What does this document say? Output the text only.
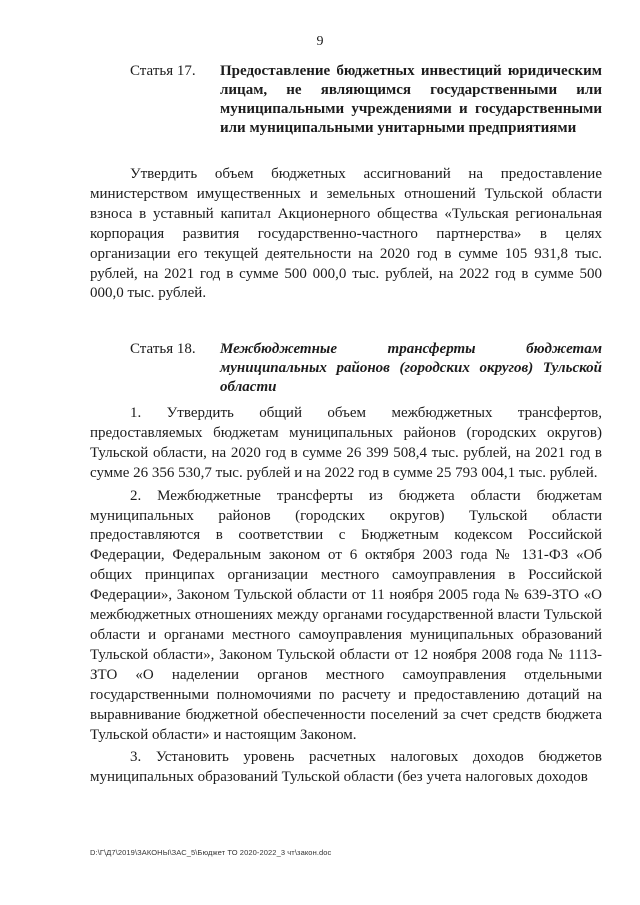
9
Статья 17. Предоставление бюджетных инвестиций юридическим лицам, не являющимся государственными или муниципальными учреждениями и государственными или муниципальными унитарными предприятиями

Утвердить объем бюджетных ассигнований на предоставление министерством имущественных и земельных отношений Тульской области взноса в уставный капитал Акционерного общества «Тульская региональная корпорация развития государственно-частного партнерства» в целях организации его текущей деятельности на 2020 год в сумме 105 931,8 тыс. рублей, на 2021 год в сумме 500 000,0 тыс. рублей, на 2022 год в сумме 500 000,0 тыс. рублей.

Статья 18. Межбюджетные трансферты бюджетам муниципальных районов (городских округов) Тульской области

1. Утвердить общий объем межбюджетных трансфертов, предоставляемых бюджетам муниципальных районов (городских округов) Тульской области, на 2020 год в сумме 26 399 508,4 тыс. рублей, на 2021 год в сумме 26 356 530,7 тыс. рублей и на 2022 год в сумме 25 793 004,1 тыс. рублей.

2. Межбюджетные трансферты из бюджета области бюджетам муниципальных районов (городских округов) Тульской области предоставляются в соответствии с Бюджетным кодексом Российской Федерации, Федеральным законом от 6 октября 2003 года № 131-ФЗ «Об общих принципах организации местного самоуправления в Российской Федерации», Законом Тульской области от 11 ноября 2005 года № 639-ЗТО «О межбюджетных отношениях между органами государственной власти Тульской области и органами местного самоуправления муниципальных образований Тульской области», Законом Тульской области от 12 ноября 2008 года № 1113-ЗТО «О наделении органов местного самоуправления отдельными государственными полномочиями по расчету и предоставлению дотаций на выравнивание бюджетной обеспеченности поселений за счет средств бюджета Тульской области» и настоящим Законом.

3. Установить уровень расчетных налоговых доходов бюджетов муниципальных образований Тульской области (без учета налоговых доходов

D:\Г\Д7\2019\ЗАКОНЫ\ЗАС_5\Бюджет ТО 2020-2022_3 чт\закон.doc
